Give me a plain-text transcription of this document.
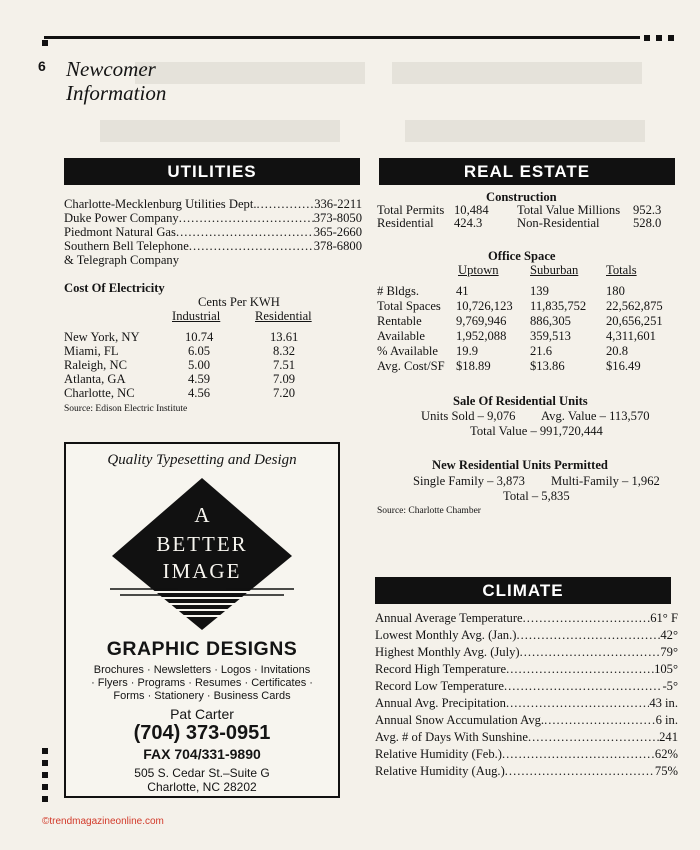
6 Newcomer
Information
UTILITIES
Charlotte-Mecklenburg Utilities Dept. .....	336-2211
Duke Power Company .....	373-8050
Piedmont Natural Gas .....	365-2660
Southern Bell Telephone .....	378-6800
& Telegraph Company
Cost Of Electricity
Cents Per KWH
Industrial	Residential
New York, NY	10.74	13.61
Miami, FL	6.05	8.32
Raleigh, NC	5.00	7.51
Atlanta, GA	4.59	7.09
Charlotte, NC	4.56	7.20
Source: Edison Electric Institute
Quality Typesetting and Design
A
BETTER
IMAGE
GRAPHIC DESIGNS
Brochures · Newsletters · Logos · Invitations
· Flyers · Programs · Resumes · Certificates ·
Forms · Stationery · Business Cards
Pat Carter
(704) 373-0951
FAX 704/331-9890
505 S. Cedar St.–Suite G
Charlotte, NC 28202
REAL ESTATE
Construction
Total Permits 10,484 Total Value Millions 952.3
Residential 424.3	Non-Residential	528.0
Office Space
Uptown Suburban Totals
# Bldgs.	41	139	180
Total Spaces 10,726,123 11,835,752 22,562,875
Rentable	9,769,946 886,305	20,656,251
Available 1,952,088 359,513	4,311,601
% Available 19.9	21.6	20.8
Avg. Cost/SF $18.89	$13.86	$16.49
Sale Of Residential Units
Units Sold – 9,076 Avg. Value – 113,570
Total Value – 991,720,444
New Residential Units Permitted
Single Family – 3,873 Multi-Family – 1,962
Total – 5,835
Source: Charlotte Chamber
CLIMATE
Annual Average Temperature .....	61° F
Lowest Monthly Avg. (Jan.) .....	42°
Highest Monthly Avg. (July) .....	79°
Record High Temperature .....	105°
Record Low Temperature .....	-5°
Annual Avg. Precipitation .....	43 in.
Annual Snow Accumulation Avg. .....	6 in.
Avg. # of Days With Sunshine .....	241
Relative Humidity (Feb.) .....	62%
Relative Humidity (Aug.) .....	75%
©trendmagazineonline.com
